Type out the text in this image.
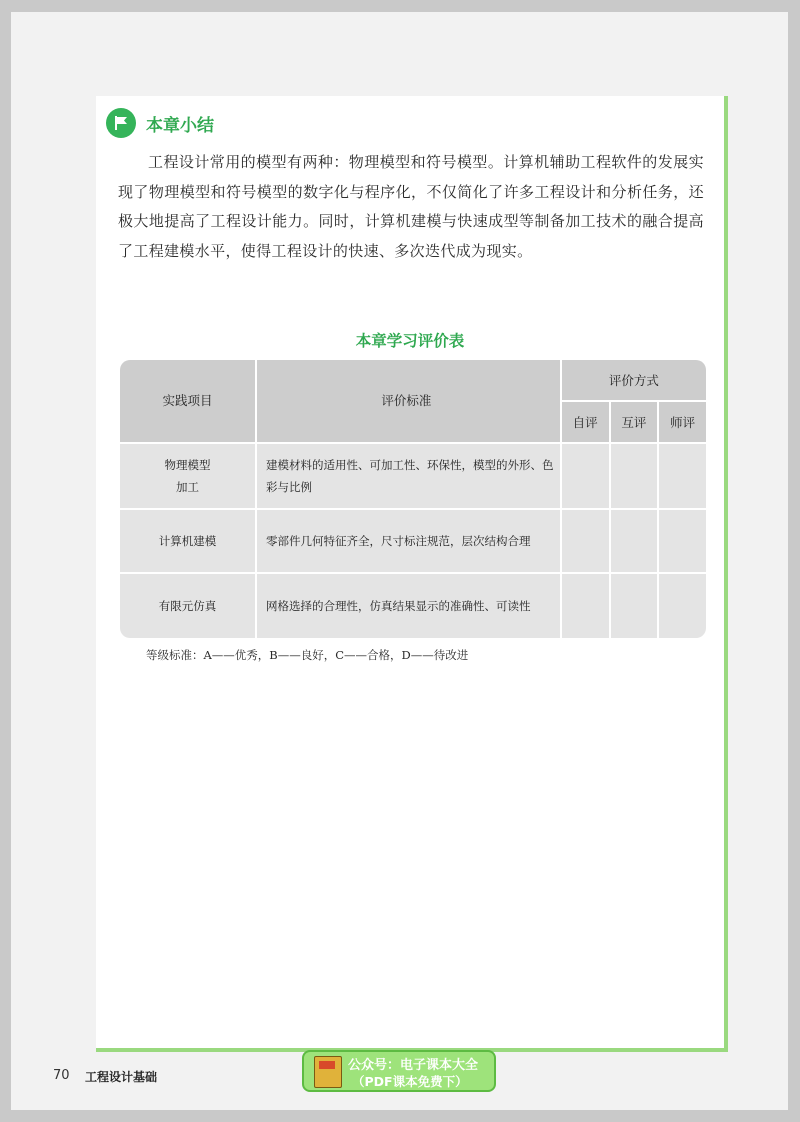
本章小结

工程设计常用的模型有两种：物理模型和符号模型。计算机辅助工程软件的发展实现了物理模型和符号模型的数字化与程序化，不仅简化了许多工程设计和分析任务，还极大地提高了工程设计能力。同时，计算机建模与快速成型等制备加工技术的融合提高了工程建模水平，使得工程设计的快速、多次迭代成为现实。

本章学习评价表
实践项目	评价标准	评价方式		
		自评	互评	师评

物理模型
加工	建模材料的适用性、可加工性、环保性，模型的外形、色彩与比例			

计算机建模	零部件几何特征齐全，尺寸标注规范，层次结构合理			

有限元仿真	网格选择的合理性，仿真结果显示的准确性、可读性			
等级标准：A——优秀，B——良好，C——合格，D——待改进
70 工程设计基础
公众号：电子课本大全
（PDF课本免费下）
